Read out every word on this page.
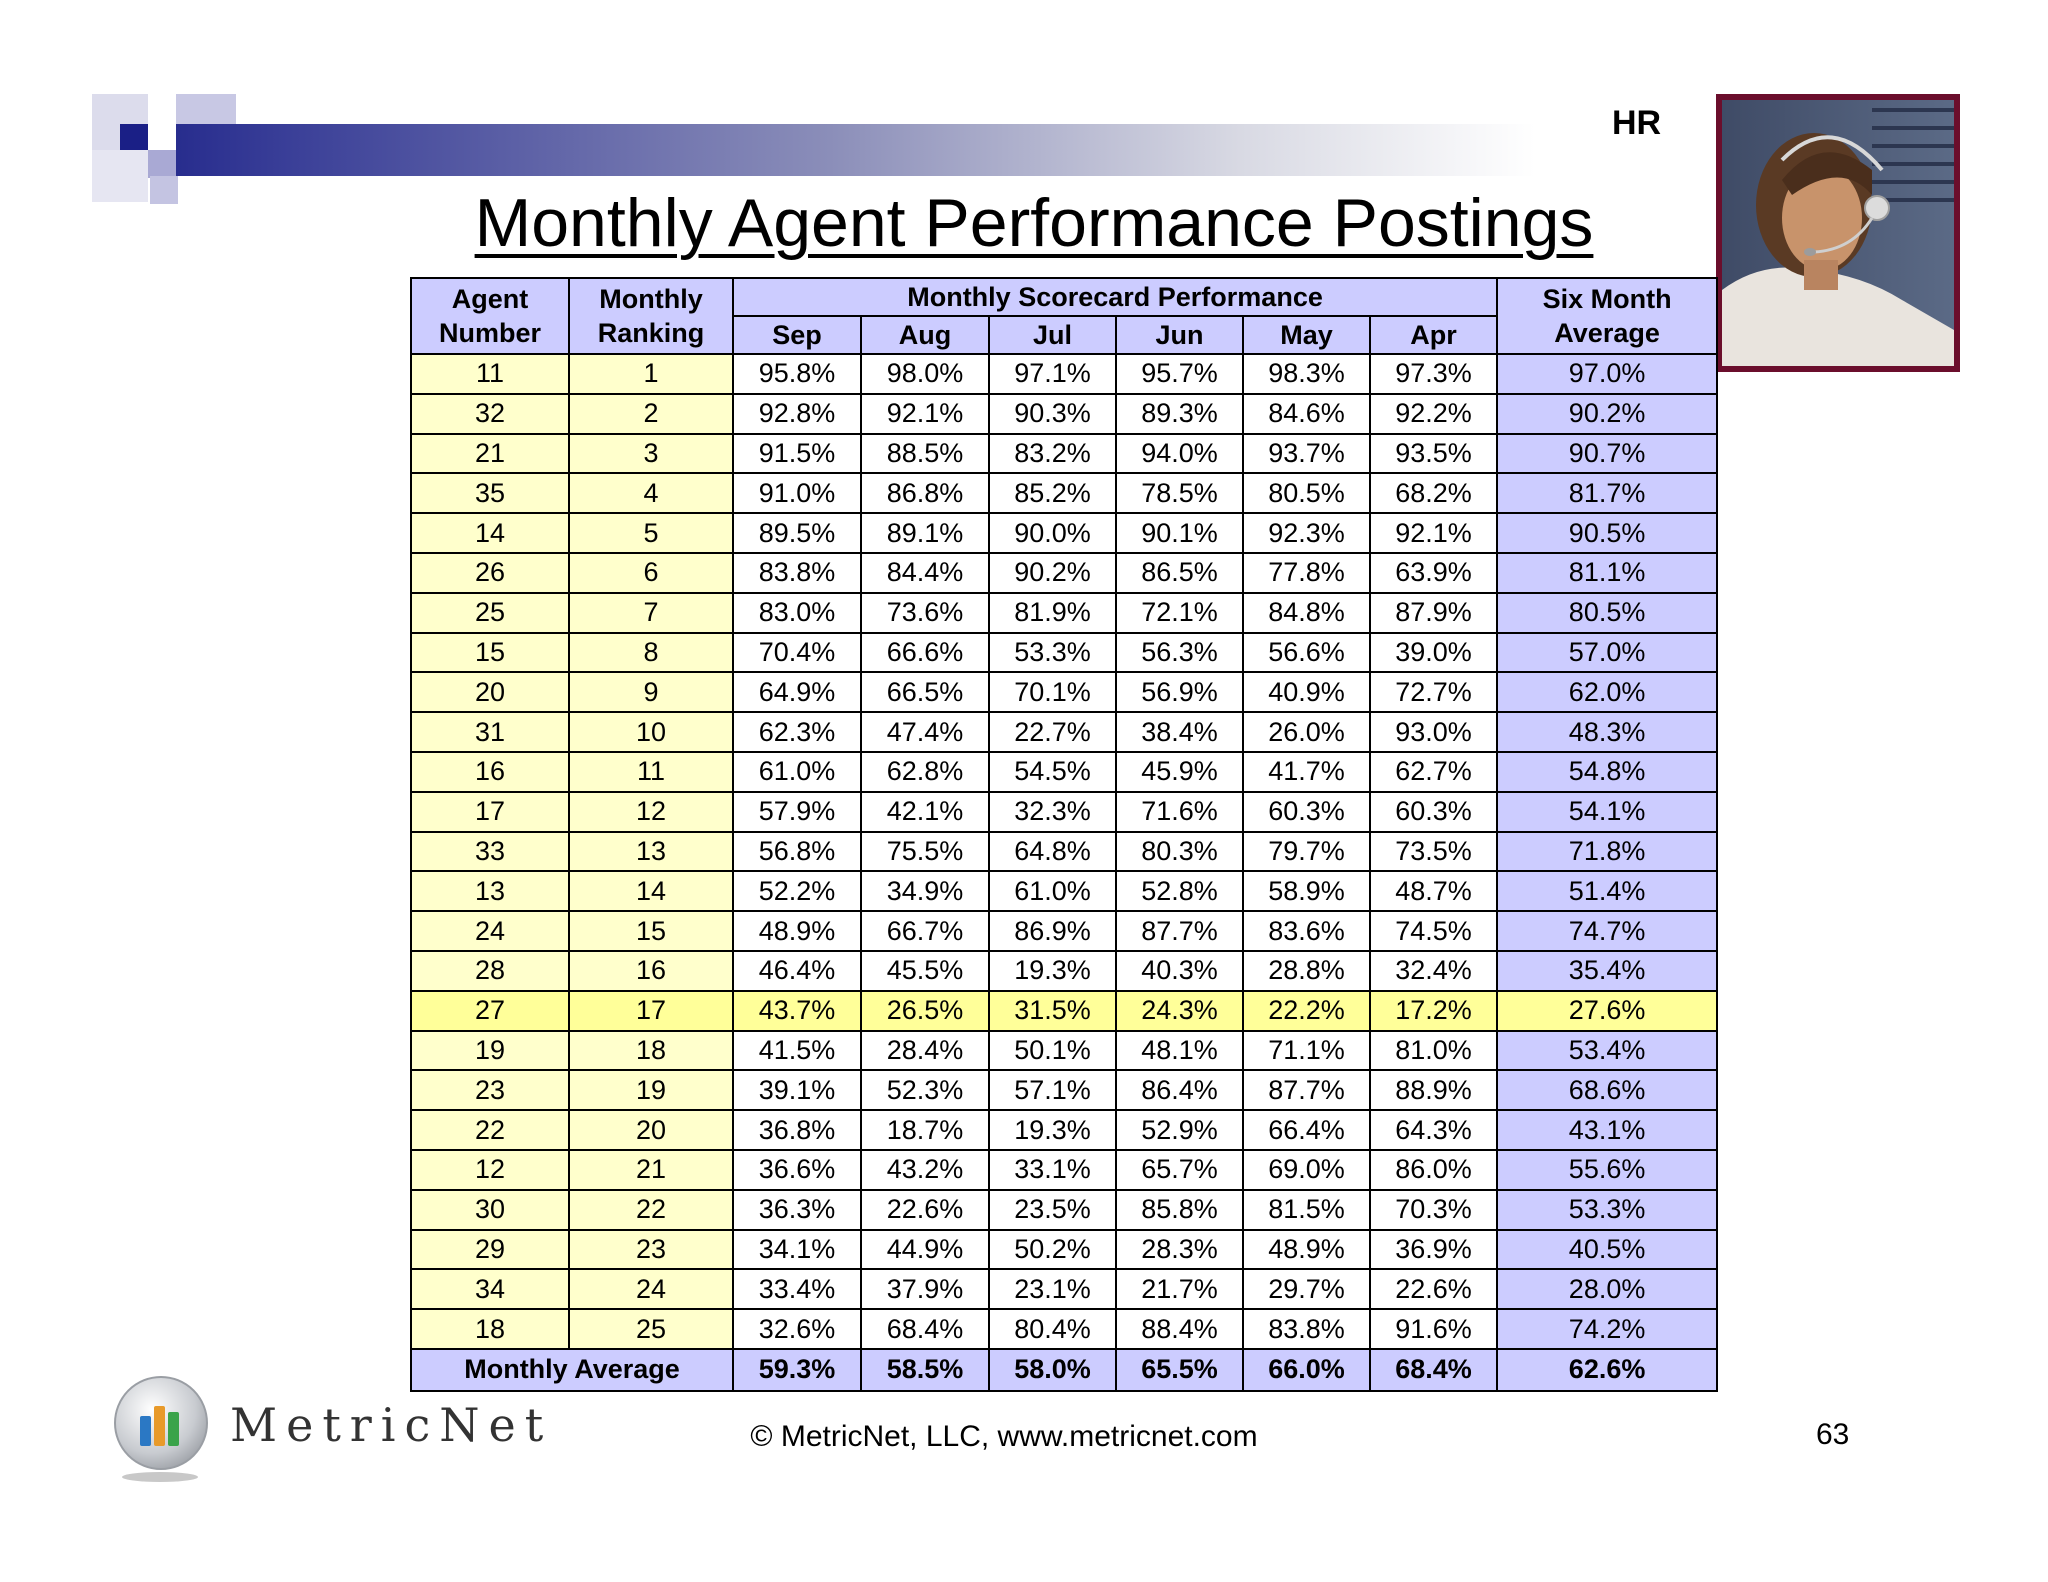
HR
Monthly Agent Performance Postings
Agent Number	Monthly Ranking	Monthly Scorecard Performance						Six Month Average
		Sep	Aug	Jul	Jun	May	Apr	
11	1	95.8%	98.0%	97.1%	95.7%	98.3%	97.3%	97.0%
32	2	92.8%	92.1%	90.3%	89.3%	84.6%	92.2%	90.2%
21	3	91.5%	88.5%	83.2%	94.0%	93.7%	93.5%	90.7%
35	4	91.0%	86.8%	85.2%	78.5%	80.5%	68.2%	81.7%
14	5	89.5%	89.1%	90.0%	90.1%	92.3%	92.1%	90.5%
26	6	83.8%	84.4%	90.2%	86.5%	77.8%	63.9%	81.1%
25	7	83.0%	73.6%	81.9%	72.1%	84.8%	87.9%	80.5%
15	8	70.4%	66.6%	53.3%	56.3%	56.6%	39.0%	57.0%
20	9	64.9%	66.5%	70.1%	56.9%	40.9%	72.7%	62.0%
31	10	62.3%	47.4%	22.7%	38.4%	26.0%	93.0%	48.3%
16	11	61.0%	62.8%	54.5%	45.9%	41.7%	62.7%	54.8%
17	12	57.9%	42.1%	32.3%	71.6%	60.3%	60.3%	54.1%
33	13	56.8%	75.5%	64.8%	80.3%	79.7%	73.5%	71.8%
13	14	52.2%	34.9%	61.0%	52.8%	58.9%	48.7%	51.4%
24	15	48.9%	66.7%	86.9%	87.7%	83.6%	74.5%	74.7%
28	16	46.4%	45.5%	19.3%	40.3%	28.8%	32.4%	35.4%
27	17	43.7%	26.5%	31.5%	24.3%	22.2%	17.2%	27.6%
19	18	41.5%	28.4%	50.1%	48.1%	71.1%	81.0%	53.4%
23	19	39.1%	52.3%	57.1%	86.4%	87.7%	88.9%	68.6%
22	20	36.8%	18.7%	19.3%	52.9%	66.4%	64.3%	43.1%
12	21	36.6%	43.2%	33.1%	65.7%	69.0%	86.0%	55.6%
30	22	36.3%	22.6%	23.5%	85.8%	81.5%	70.3%	53.3%
29	23	34.1%	44.9%	50.2%	28.3%	48.9%	36.9%	40.5%
34	24	33.4%	37.9%	23.1%	21.7%	29.7%	22.6%	28.0%
18	25	32.6%	68.4%	80.4%	88.4%	83.8%	91.6%	74.2%
Monthly Average		59.3%	58.5%	58.0%	65.5%	66.0%	68.4%	62.6%
MetricNet	© MetricNet, LLC, www.metricnet.com	63
